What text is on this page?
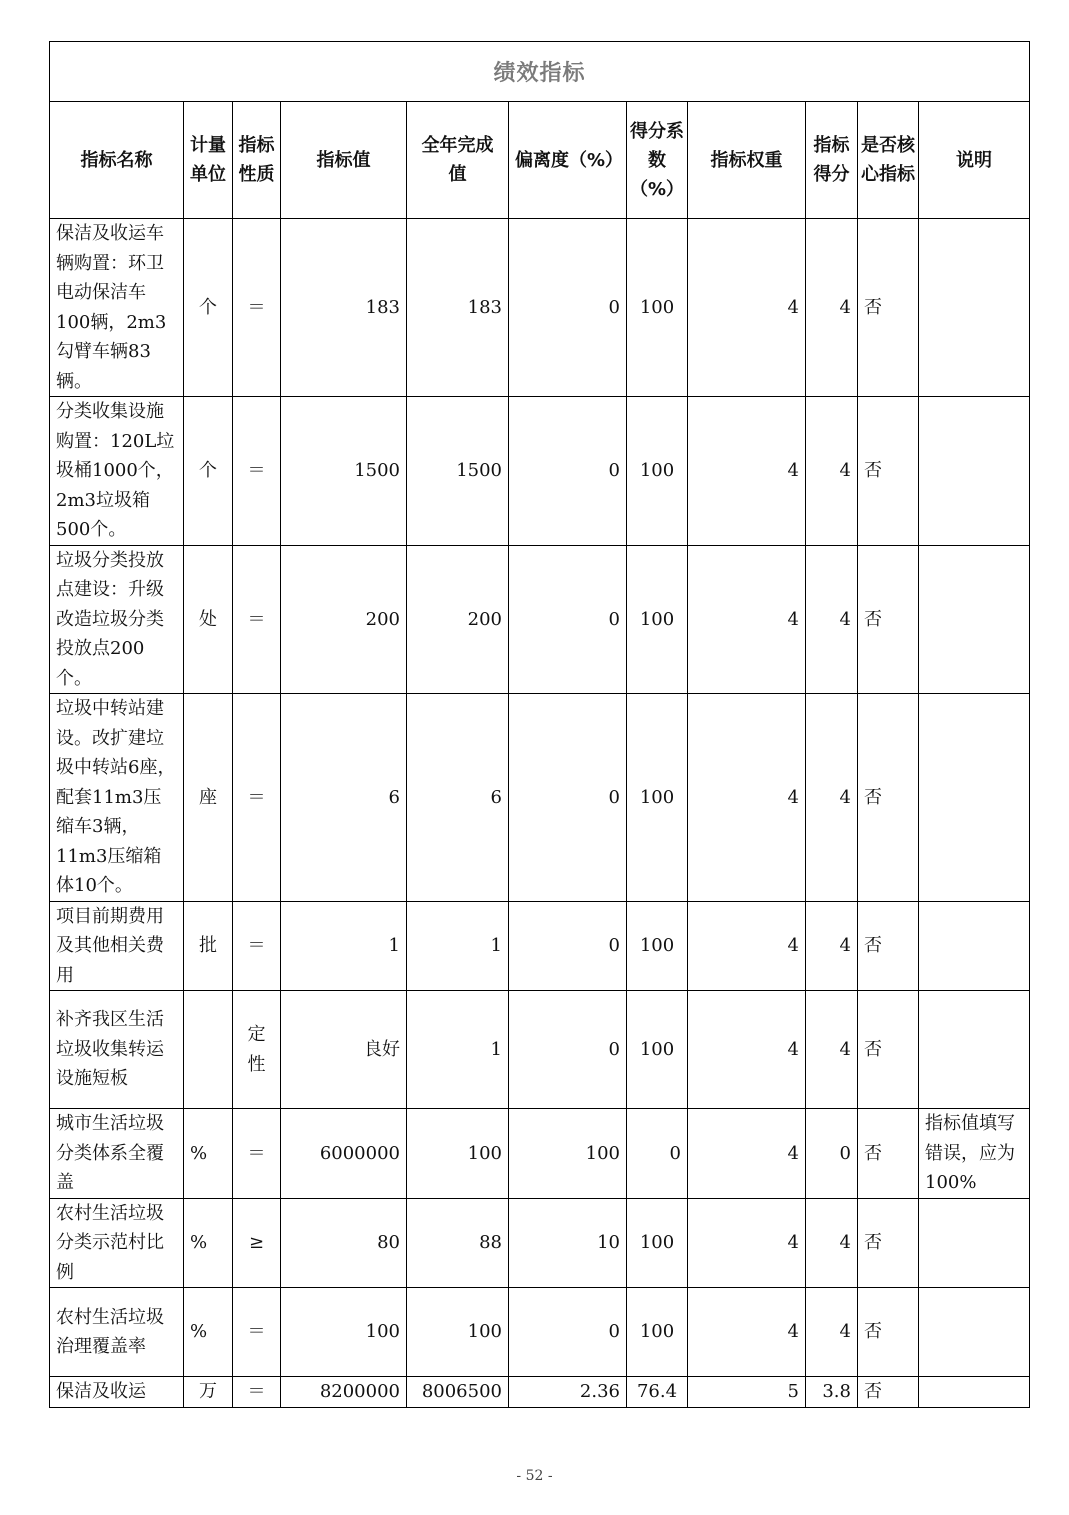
绩效指标										
指标名称	计量单位	指标性质	指标值	全年完成值	偏离度（%）	得分系数（%）	指标权重	指标得分	是否核心指标	说明
保洁及收运车辆购置：环卫电动保洁车100辆，2m3勾臂车辆83辆。	个	＝	183	183	0	100	4	4	否	
分类收集设施购置：120L垃圾桶1000个，2m3垃圾箱500个。	个	＝	1500	1500	0	100	4	4	否	
垃圾分类投放点建设：升级改造垃圾分类投放点200个。	处	＝	200	200	0	100	4	4	否	
垃圾中转站建设。改扩建垃圾中转站6座，配套11m3压缩车3辆，11m3压缩箱体10个。	座	＝	6	6	0	100	4	4	否	
项目前期费用及其他相关费用	批	＝	1	1	0	100	4	4	否	
补齐我区生活垃圾收集转运设施短板		定性	良好	1	0	100	4	4	否	
城市生活垃圾分类体系全覆盖	%	＝	6000000	100	100	0	4	0	否	指标值填写错误，应为100%
农村生活垃圾分类示范村比例	%	≥	80	88	10	100	4	4	否	
农村生活垃圾治理覆盖率	%	＝	100	100	0	100	4	4	否	
保洁及收运	万	＝	8200000	8006500	2.36	76.4	5	3.8	否	
- 52 -
